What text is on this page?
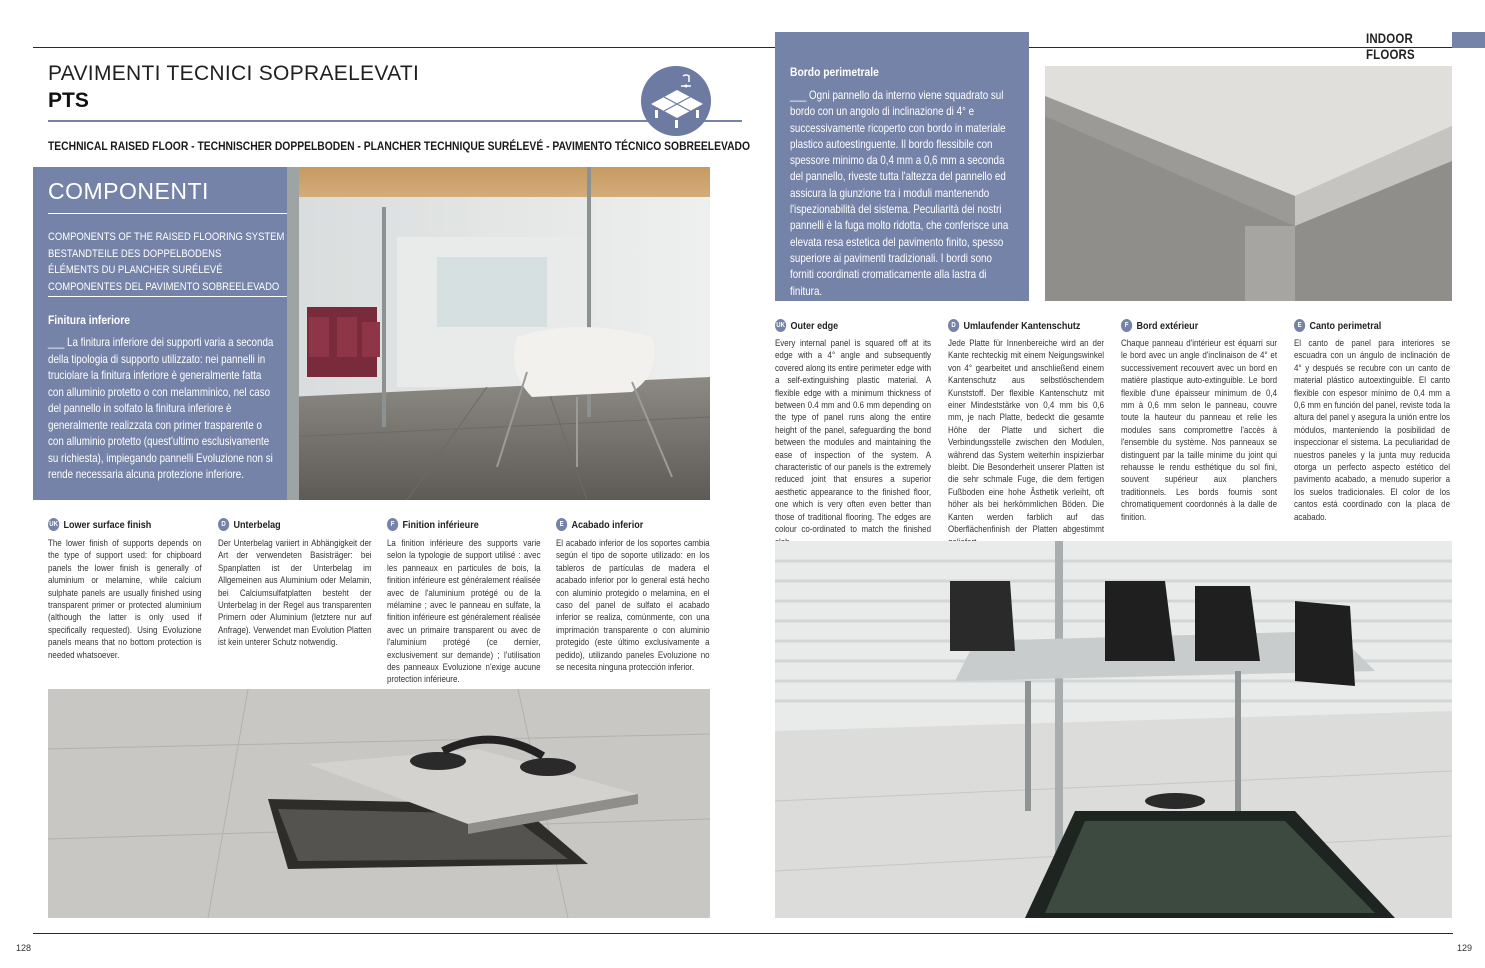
INDOOR FLOORS
PAVIMENTI TECNICI SOPRAELEVATI
PTS
TECHNICAL RAISED FLOOR - TECHNISCHER DOPPELBODEN - PLANCHER TECHNIQUE SURÉLEVÉ - PAVIMENTO TÉCNICO SOBREELEVADO
COMPONENTI
COMPONENTS OF THE RAISED FLOORING SYSTEM
BESTANDTEILE DES DOPPELBODENS
ÉLÉMENTS DU PLANCHER SURÉLEVÉ
COMPONENTES DEL PAVIMENTO SOBREELEVADO
Finitura inferiore
___ La finitura inferiore dei supporti varia a seconda della tipologia di supporto utilizzato: nei pannelli in truciolare la finitura inferiore è generalmente fatta con alluminio protetto o con melamminico, nel caso del pannello in solfato la finitura inferiore è generalmente realizzata con primer trasparente o con alluminio protetto (quest'ultimo esclusivamente su richiesta), impiegando pannelli Evoluzione non si rende necessaria alcuna protezione inferiore.
UK Lower surface finish
The lower finish of supports depends on the type of support used: for chipboard panels the lower finish is generally of aluminium or melamine, while calcium sulphate panels are usually finished using transparent primer or protected aluminium (although the latter is only used if specifically requested). Using Evoluzione panels means that no bottom protection is needed whatsoever.
D Unterbelag
Der Unterbelag variiert in Abhängigkeit der Art der verwendeten Basisträger: bei Spanplatten ist der Unterbelag im Allgemeinen aus Aluminium oder Melamin, bei Calciumsulfatplatten besteht der Unterbelag in der Regel aus transparenten Primern oder Aluminium (letztere nur auf Anfrage). Verwendet man Evolution Platten ist kein unterer Schutz notwendig.
F Finition inférieure
La finition inférieure des supports varie selon la typologie de support utilisé : avec les panneaux en particules de bois, la finition inférieure est généralement réalisée avec de l'aluminium protégé ou de la mélamine ; avec le panneau en sulfate, la finition inférieure est généralement réalisée avec un primaire transparent ou avec de l'aluminium protégé (ce dernier, exclusivement sur demande) ; l'utilisation des panneaux Evoluzione n'exige aucune protection inférieure.
E Acabado inferior
El acabado inferior de los soportes cambia según el tipo de soporte utilizado: en los tableros de partículas de madera el acabado inferior por lo general está hecho con aluminio protegido o melamina, en el caso del panel de sulfato el acabado inferior se realiza, comúnmente, con una imprimación transparente o con aluminio protegido (este último exclusivamente a pedido), utilizando paneles Evoluzione no se necesita ninguna protección inferior.
Bordo perimetrale
___ Ogni pannello da interno viene squadrato sul bordo con un angolo di inclinazione di 4° e successivamente ricoperto con bordo in materiale plastico autoestinguente. Il bordo flessibile con spessore minimo da 0,4 mm a 0,6 mm a seconda del pannello, riveste tutta l'altezza del pannello ed assicura la giunzione tra i moduli mantenendo l'ispezionabilità del sistema. Peculiarità dei nostri pannelli è la fuga molto ridotta, che conferisce una elevata resa estetica del pavimento finito, spesso superiore ai pavimenti tradizionali. I bordi sono forniti coordinati cromaticamente alla lastra di finitura.
UK Outer edge
Every internal panel is squared off at its edge with a 4° angle and subsequently covered along its entire perimeter edge with a self-extinguishing plastic material. A flexible edge with a minimum thickness of between 0.4 mm and 0.6 mm depending on the type of panel runs along the entire height of the panel, safeguarding the bond between the modules and maintaining the ease of inspection of the system. A characteristic of our panels is the extremely reduced joint that ensures a superior aesthetic appearance to the finished floor, one which is very often even better than those of traditional flooring. The edges are colour co-ordinated to match the finished
D Umlaufender Kantenschutz
Jede Platte für Innenbereiche wird an der Kante rechteckig mit einem Neigungswinkel von 4° gearbeitet und anschließend einem Kantenschutz aus selbstlöschendem Kunststoff. Der flexible Kantenschutz mit einer Mindeststärke von 0,4 mm bis 0,6 mm, je nach Platte, bedeckt die gesamte Höhe der Platte und sichert die Verbindungsstelle zwischen den Modulen, während das System weiterhin inspizierbar bleibt. Die Besonderheit unserer Platten ist die sehr schmale Fuge, die dem fertigen Fußboden eine hohe Ästhetik verleiht, oft höher als bei herkömmlichen Böden. Die Kanten werden farblich auf das Oberflächenfinish der Platten abgestimmt
F Bord extérieur
Chaque panneau d'intérieur est équarri sur le bord avec un angle d'inclinaison de 4° et successivement recouvert avec un bord en matière plastique auto-extinguible. Le bord flexible d'une épaisseur minimum de 0,4 mm à 0,6 mm selon le panneau, couvre toute la hauteur du panneau et relie les modules sans compromettre l'accès à l'ensemble du système. Nos panneaux se distinguent par la taille minime du joint qui rehausse le rendu esthétique du sol fini, souvent supérieur aux planchers traditionnels. Les bords fournis sont chromatiquement coordonnés à la dalle de finition.
E Canto perimetral
El canto de panel para interiores se escuadra con un ángulo de inclinación de 4° y después se recubre con un canto de material plástico autoextinguible. El canto flexible con espesor mínimo de 0,4 mm a 0,6 mm en función del panel, reviste toda la altura del panel y asegura la unión entre los módulos, manteniendo la posibilidad de inspeccionar el sistema. La peculiaridad de nuestros paneles y la junta muy reducida otorga un perfecto aspecto estético del pavimento acabado, a menudo superior a los suelos tradicionales. El color de los cantos está coordinado con la placa de acabado.
128	129
